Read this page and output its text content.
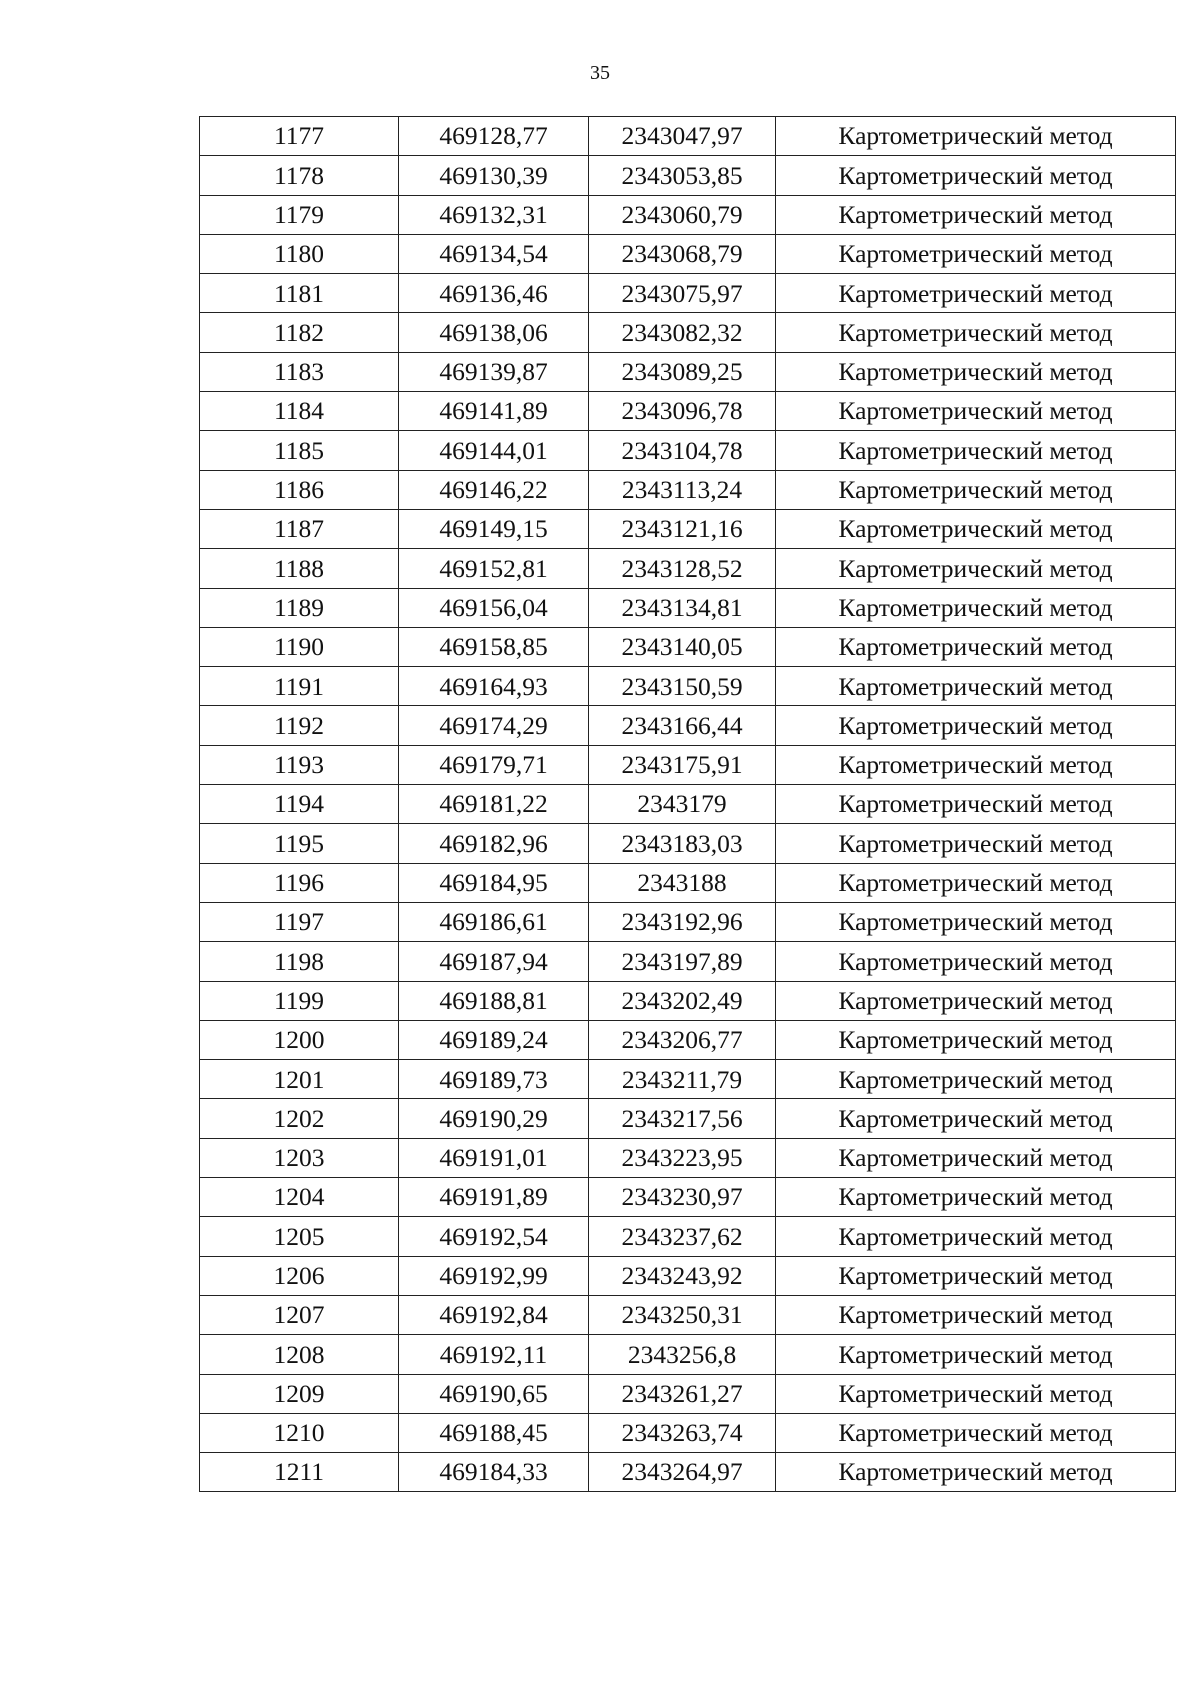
35
1177	469128,77	2343047,97	Картометрический метод
1178	469130,39	2343053,85	Картометрический метод
1179	469132,31	2343060,79	Картометрический метод
1180	469134,54	2343068,79	Картометрический метод
1181	469136,46	2343075,97	Картометрический метод
1182	469138,06	2343082,32	Картометрический метод
1183	469139,87	2343089,25	Картометрический метод
1184	469141,89	2343096,78	Картометрический метод
1185	469144,01	2343104,78	Картометрический метод
1186	469146,22	2343113,24	Картометрический метод
1187	469149,15	2343121,16	Картометрический метод
1188	469152,81	2343128,52	Картометрический метод
1189	469156,04	2343134,81	Картометрический метод
1190	469158,85	2343140,05	Картометрический метод
1191	469164,93	2343150,59	Картометрический метод
1192	469174,29	2343166,44	Картометрический метод
1193	469179,71	2343175,91	Картометрический метод
1194	469181,22	2343179	Картометрический метод
1195	469182,96	2343183,03	Картометрический метод
1196	469184,95	2343188	Картометрический метод
1197	469186,61	2343192,96	Картометрический метод
1198	469187,94	2343197,89	Картометрический метод
1199	469188,81	2343202,49	Картометрический метод
1200	469189,24	2343206,77	Картометрический метод
1201	469189,73	2343211,79	Картометрический метод
1202	469190,29	2343217,56	Картометрический метод
1203	469191,01	2343223,95	Картометрический метод
1204	469191,89	2343230,97	Картометрический метод
1205	469192,54	2343237,62	Картометрический метод
1206	469192,99	2343243,92	Картометрический метод
1207	469192,84	2343250,31	Картометрический метод
1208	469192,11	2343256,8	Картометрический метод
1209	469190,65	2343261,27	Картометрический метод
1210	469188,45	2343263,74	Картометрический метод
1211	469184,33	2343264,97	Картометрический метод
